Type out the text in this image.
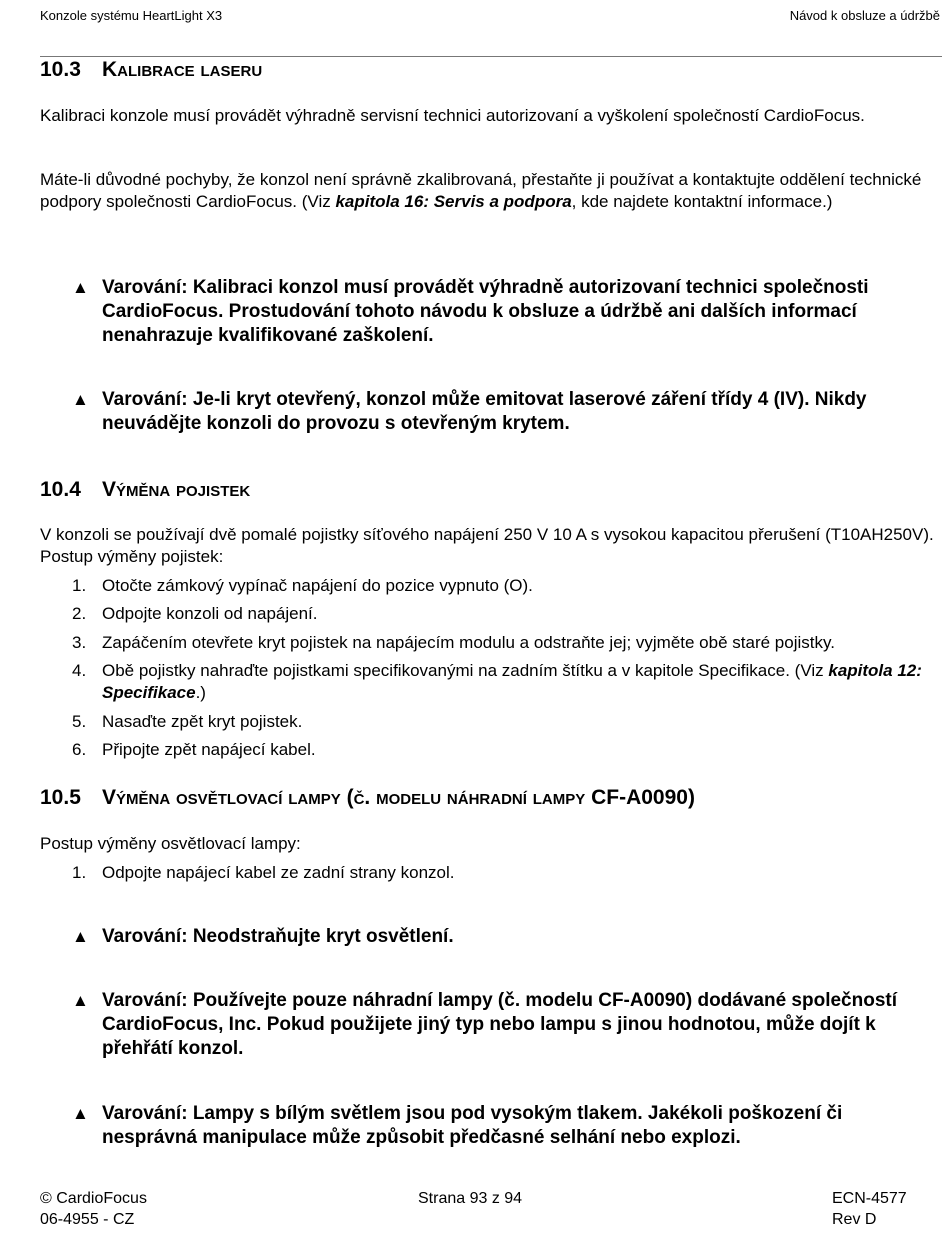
Konzole systému HeartLight X3	Návod k obsluze a údržbě
10.3 Kalibrace laseru
Kalibraci konzole musí provádět výhradně servisní technici autorizovaní a vyškolení společností CardioFocus.
Máte-li důvodné pochyby, že konzol není správně zkalibrovaná, přestaňte ji používat a kontaktujte oddělení technické podpory společnosti CardioFocus. (Viz kapitola 16: Servis a podpora, kde najdete kontaktní informace.)
▲ Varování: Kalibraci konzol musí provádět výhradně autorizovaní technici společnosti CardioFocus. Prostudování tohoto návodu k obsluze a údržbě ani dalších informací nenahrazuje kvalifikované zaškolení.
▲ Varování: Je-li kryt otevřený, konzol může emitovat laserové záření třídy 4 (IV). Nikdy neuvádějte konzoli do provozu s otevřeným krytem.
10.4 Výměna pojistek
V konzoli se používají dvě pomalé pojistky síťového napájení 250 V 10 A s vysokou kapacitou přerušení (T10AH250V). Postup výměny pojistek:
1. Otočte zámkový vypínač napájení do pozice vypnuto (O).
2. Odpojte konzoli od napájení.
3. Zapáčením otevřete kryt pojistek na napájecím modulu a odstraňte jej; vyjměte obě staré pojistky.
4. Obě pojistky nahraďte pojistkami specifikovanými na zadním štítku a v kapitole Specifikace. (Viz kapitola 12: Specifikace.)
5. Nasaďte zpět kryt pojistek.
6. Připojte zpět napájecí kabel.
10.5 Výměna osvětlovací lampy (č. modelu náhradní lampy CF-A0090)
Postup výměny osvětlovací lampy:
1. Odpojte napájecí kabel ze zadní strany konzol.
▲ Varování: Neodstraňujte kryt osvětlení.
▲ Varování: Používejte pouze náhradní lampy (č. modelu CF-A0090) dodávané společností CardioFocus, Inc. Pokud použijete jiný typ nebo lampu s jinou hodnotou, může dojít k přehřátí konzol.
▲ Varování: Lampy s bílým světlem jsou pod vysokým tlakem. Jakékoli poškození či nesprávná manipulace může způsobit předčasné selhání nebo explozi.
© CardioFocus
06-4955 - CZ
Strana 93 z 94	ECN-4577
Rev D
